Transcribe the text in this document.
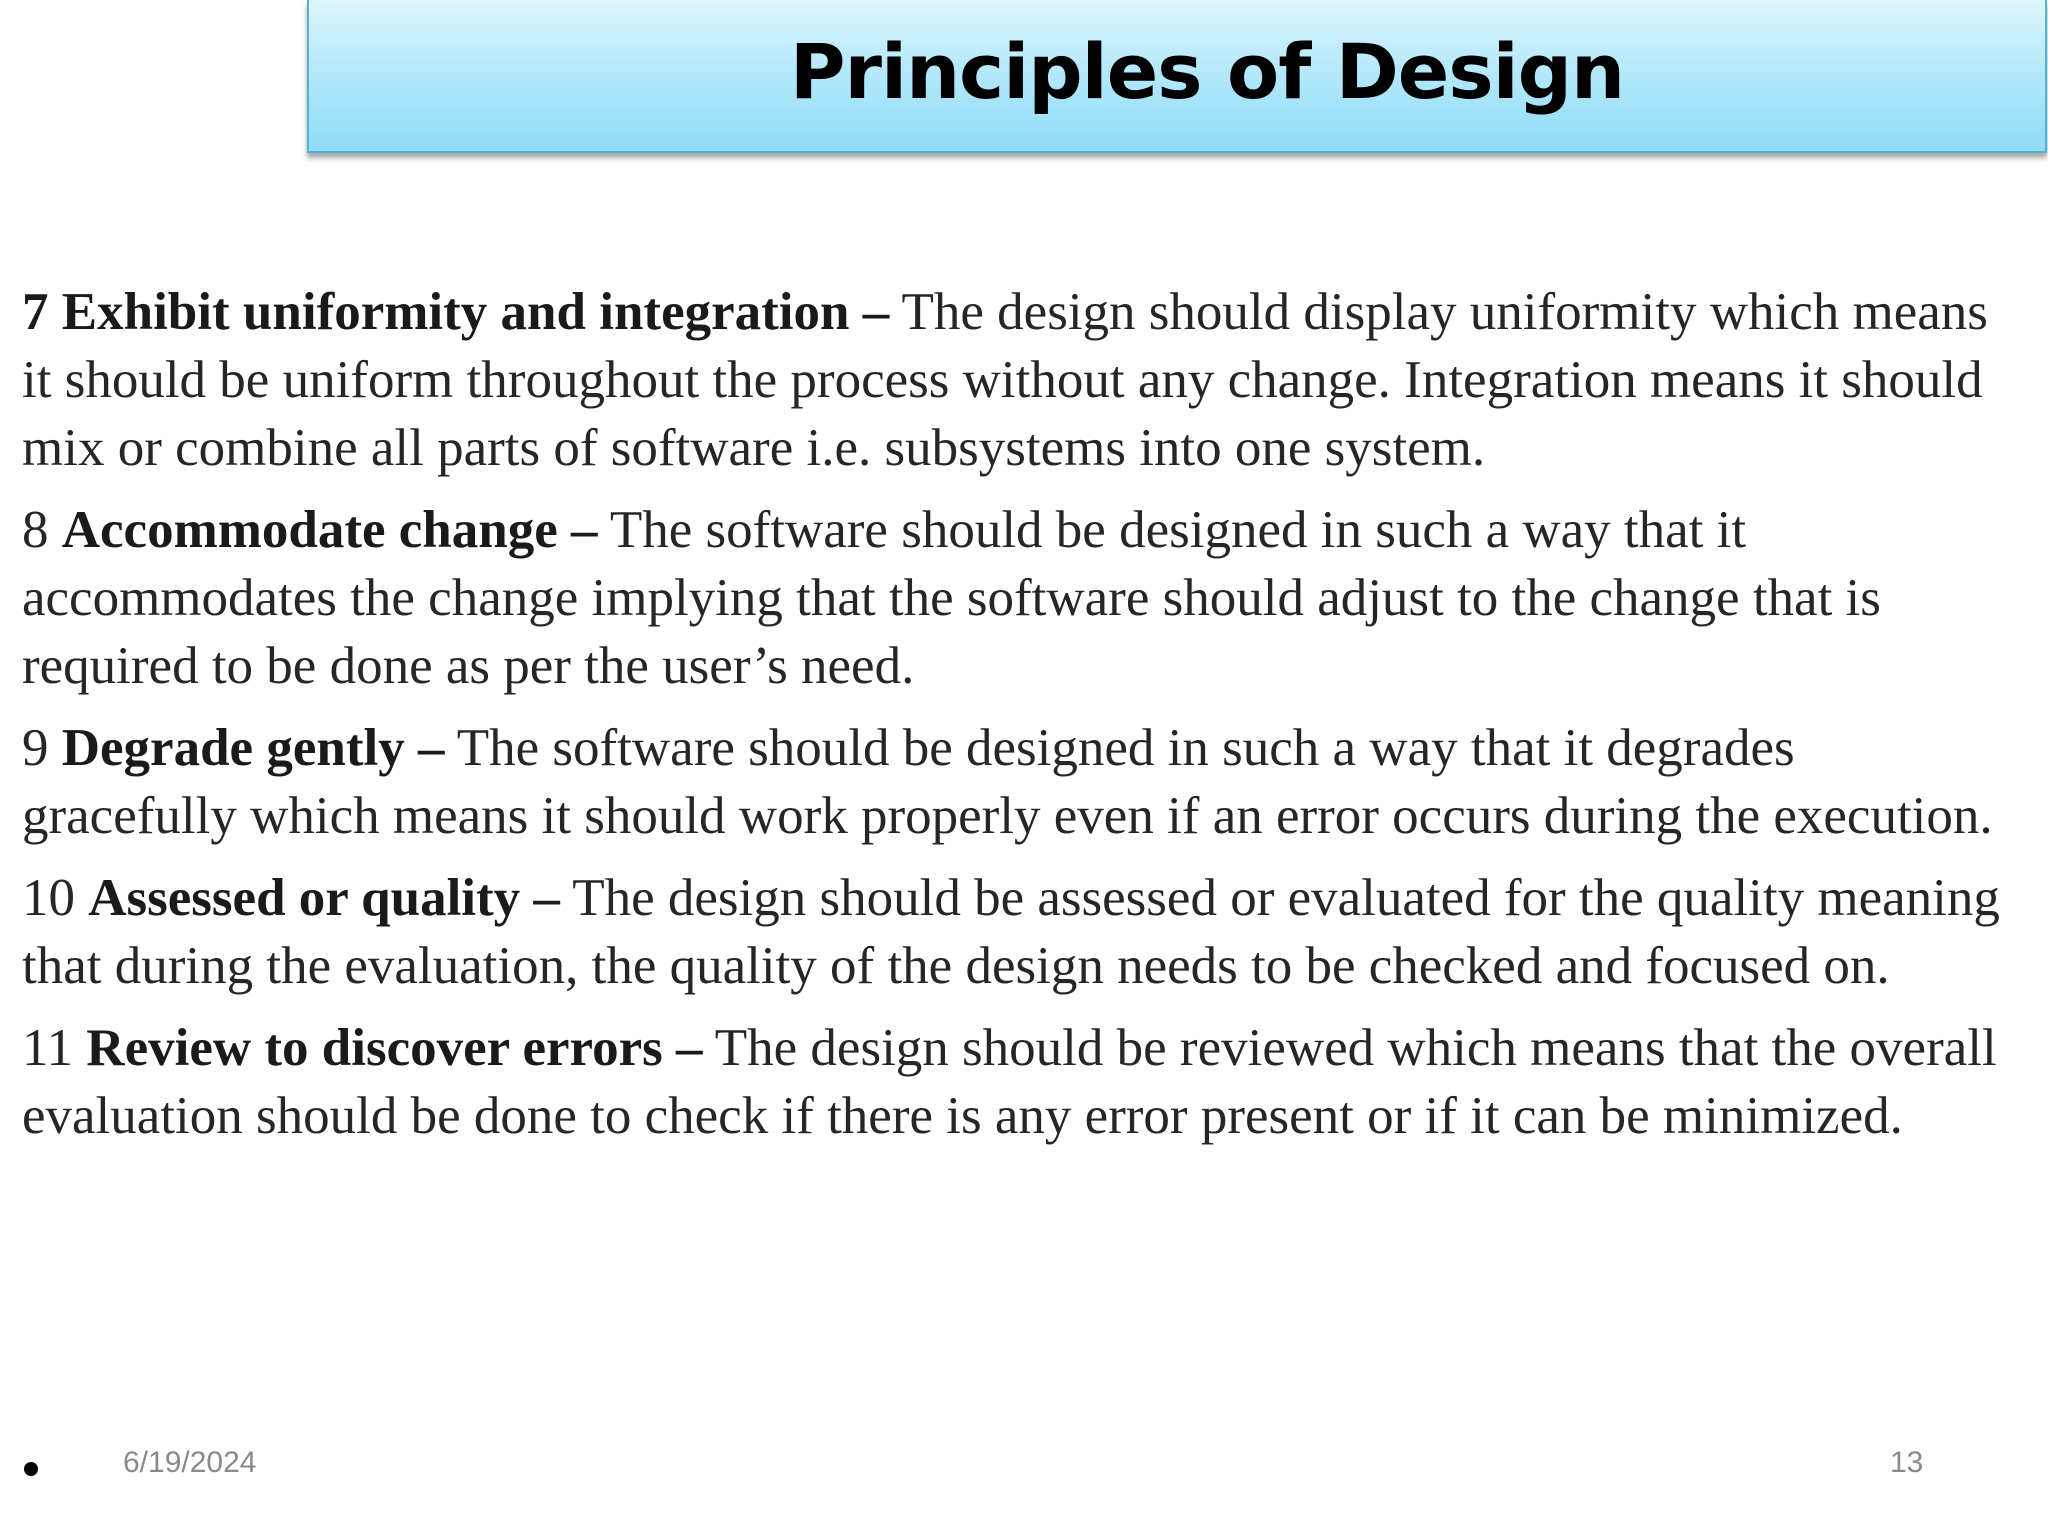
Principles of Design

7 Exhibit uniformity and integration – The design should display uniformity which means it should be uniform throughout the process without any change. Integration means it should mix or combine all parts of software i.e. subsystems into one system.

8 Accommodate change – The software should be designed in such a way that it accommodates the change implying that the software should adjust to the change that is required to be done as per the user’s need.

9 Degrade gently – The software should be designed in such a way that it degrades gracefully which means it should work properly even if an error occurs during the execution.

10 Assessed or quality – The design should be assessed or evaluated for the quality meaning that during the evaluation, the quality of the design needs to be checked and focused on.

11 Review to discover errors – The design should be reviewed which means that the overall evaluation should be done to check if there is any error present or if it can be minimized.

6/19/2024	13
